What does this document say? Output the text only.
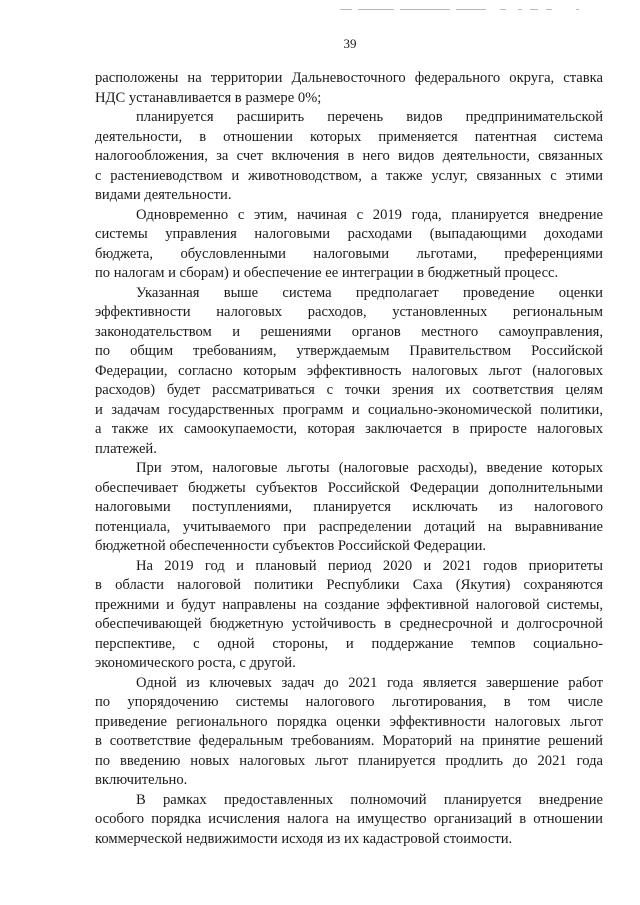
39
расположены на территории Дальневосточного федерального округа, ставка
НДС устанавливается в размере 0%;
планируется расширить перечень видов предпринимательской
деятельности, в отношении которых применяется патентная система
налогообложения, за счет включения в него видов деятельности, связанных
с растениеводством и животноводством, а также услуг, связанных с этими
видами деятельности.
Одновременно с этим, начиная с 2019 года, планируется внедрение
системы управления налоговыми расходами (выпадающими доходами
бюджета, обусловленными налоговыми льготами, преференциями
по налогам и сборам) и обеспечение ее интеграции в бюджетный процесс.
Указанная выше система предполагает проведение оценки
эффективности налоговых расходов, установленных региональным
законодательством и решениями органов местного самоуправления,
по общим требованиям, утверждаемым Правительством Российской
Федерации, согласно которым эффективность налоговых льгот (налоговых
расходов) будет рассматриваться с точки зрения их соответствия целям
и задачам государственных программ и социально-экономической политики,
а также их самоокупаемости, которая заключается в приросте налоговых
платежей.
При этом, налоговые льготы (налоговые расходы), введение которых
обеспечивает бюджеты субъектов Российской Федерации дополнительными
налоговыми поступлениями, планируется исключать из налогового
потенциала, учитываемого при распределении дотаций на выравнивание
бюджетной обеспеченности субъектов Российской Федерации.
На 2019 год и плановый период 2020 и 2021 годов приоритеты
в области налоговой политики Республики Саха (Якутия) сохраняются
прежними и будут направлены на создание эффективной налоговой системы,
обеспечивающей бюджетную устойчивость в среднесрочной и долгосрочной
перспективе, с одной стороны, и поддержание темпов социально-
экономического роста, с другой.
Одной из ключевых задач до 2021 года является завершение работ
по упорядочению системы налогового льготирования, в том числе
приведение регионального порядка оценки эффективности налоговых льгот
в соответствие федеральным требованиям. Мораторий на принятие решений
по введению новых налоговых льгот планируется продлить до 2021 года
включительно.
В рамках предоставленных полномочий планируется внедрение
особого порядка исчисления налога на имущество организаций в отношении
коммерческой недвижимости исходя из их кадастровой стоимости.
